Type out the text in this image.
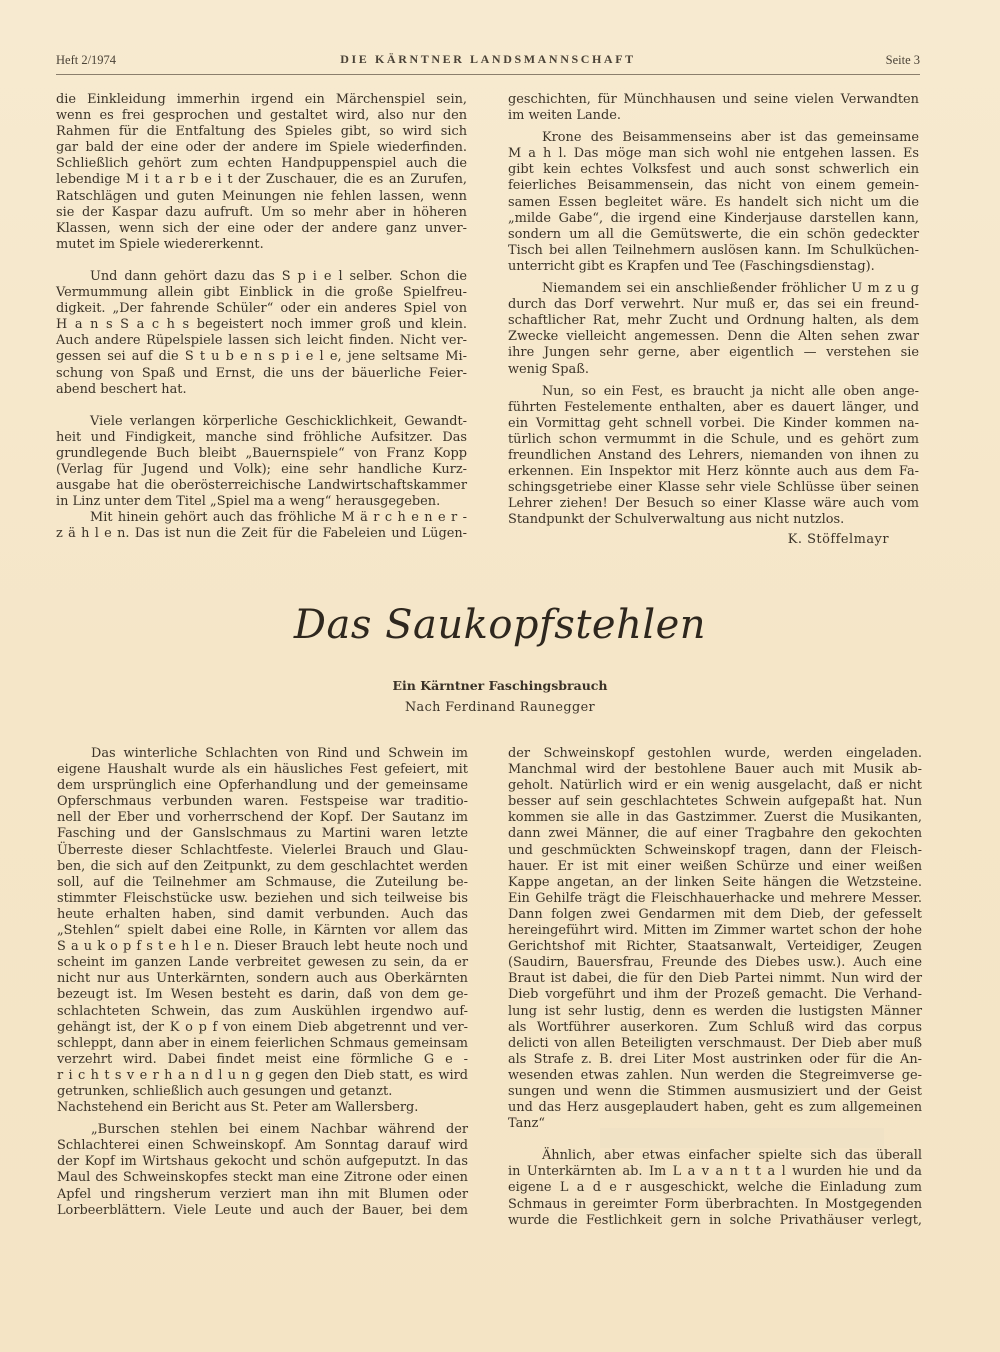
Heft 2/1974	DIE KÄRNTNER LANDSMANNSCHAFT	Seite 3
die Einkleidung immerhin irgend ein Märchenspiel sein,
wenn es frei gesprochen und gestaltet wird, also nur den
Rahmen für die Entfaltung des Spieles gibt, so wird sich
gar bald der eine oder der andere im Spiele wiederfinden.
Schließlich gehört zum echten Handpuppenspiel auch die
lebendige M i t a r b e i t der Zuschauer, die es an Zurufen,
Ratschlägen und guten Meinungen nie fehlen lassen, wenn
sie der Kaspar dazu aufruft. Um so mehr aber in höheren
Klassen, wenn sich der eine oder der andere ganz unver-
mutet im Spiele wiedererkennt.
Und dann gehört dazu das S p i e l selber. Schon die
Vermummung allein gibt Einblick in die große Spielfreu-
digkeit. „Der fahrende Schüler“ oder ein anderes Spiel von
H a n s S a c h s begeistert noch immer groß und klein.
Auch andere Rüpelspiele lassen sich leicht finden. Nicht ver-
gessen sei auf die S t u b e n s p i e l e, jene seltsame Mi-
schung von Spaß und Ernst, die uns der bäuerliche Feier-
abend beschert hat.
Viele verlangen körperliche Geschicklichkeit, Gewandt-
heit und Findigkeit, manche sind fröhliche Aufsitzer. Das
grundlegende Buch bleibt „Bauernspiele“ von Franz Kopp
(Verlag für Jugend und Volk); eine sehr handliche Kurz-
ausgabe hat die oberösterreichische Landwirtschaftskammer
in Linz unter dem Titel „Spiel ma a weng“ herausgegeben.
Mit hinein gehört auch das fröhliche M ä r c h e n e r -
z ä h l e n. Das ist nun die Zeit für die Fabeleien und Lügen-
geschichten, für Münchhausen und seine vielen Verwandten
im weiten Lande.
Krone des Beisammenseins aber ist das gemeinsame
M a h l. Das möge man sich wohl nie entgehen lassen. Es
gibt kein echtes Volksfest und auch sonst schwerlich ein
feierliches Beisammensein, das nicht von einem gemein-
samen Essen begleitet wäre. Es handelt sich nicht um die
„milde Gabe“, die irgend eine Kinderjause darstellen kann,
sondern um all die Gemütswerte, die ein schön gedeckter
Tisch bei allen Teilnehmern auslösen kann. Im Schulküchen-
unterricht gibt es Krapfen und Tee (Faschingsdienstag).
Niemandem sei ein anschließender fröhlicher U m z u g
durch das Dorf verwehrt. Nur muß er, das sei ein freund-
schaftlicher Rat, mehr Zucht und Ordnung halten, als dem
Zwecke vielleicht angemessen. Denn die Alten sehen zwar
ihre Jungen sehr gerne, aber eigentlich — verstehen sie
wenig Spaß.
Nun, so ein Fest, es braucht ja nicht alle oben ange-
führten Festelemente enthalten, aber es dauert länger, und
ein Vormittag geht schnell vorbei. Die Kinder kommen na-
türlich schon vermummt in die Schule, und es gehört zum
freundlichen Anstand des Lehrers, niemanden von ihnen zu
erkennen. Ein Inspektor mit Herz könnte auch aus dem Fa-
schingsgetriebe einer Klasse sehr viele Schlüsse über seinen
Lehrer ziehen! Der Besuch so einer Klasse wäre auch vom
Standpunkt der Schulverwaltung aus nicht nutzlos.
K. Stöffelmayr
Das Saukopfstehlen
Ein Kärntner Faschingsbrauch
Nach Ferdinand Raunegger
Das winterliche Schlachten von Rind und Schwein im
eigene Haushalt wurde als ein häusliches Fest gefeiert, mit
dem ursprünglich eine Opferhandlung und der gemeinsame
Opferschmaus verbunden waren. Festspeise war traditio-
nell der Eber und vorherrschend der Kopf. Der Sautanz im
Fasching und der Ganslschmaus zu Martini waren letzte
Überreste dieser Schlachtfeste. Vielerlei Brauch und Glau-
ben, die sich auf den Zeitpunkt, zu dem geschlachtet werden
soll, auf die Teilnehmer am Schmause, die Zuteilung be-
stimmter Fleischstücke usw. beziehen und sich teilweise bis
heute erhalten haben, sind damit verbunden. Auch das
„Stehlen“ spielt dabei eine Rolle, in Kärnten vor allem das
S a u k o p f s t e h l e n. Dieser Brauch lebt heute noch und
scheint im ganzen Lande verbreitet gewesen zu sein, da er
nicht nur aus Unterkärnten, sondern auch aus Oberkärnten
bezeugt ist. Im Wesen besteht es darin, daß von dem ge-
schlachteten Schwein, das zum Auskühlen irgendwo auf-
gehängt ist, der K o p f von einem Dieb abgetrennt und ver-
schleppt, dann aber in einem feierlichen Schmaus gemeinsam
verzehrt wird. Dabei findet meist eine förmliche G e -
r i c h t s v e r h a n d l u n g gegen den Dieb statt, es wird
getrunken, schließlich auch gesungen und getanzt.
Nachstehend ein Bericht aus St. Peter am Wallersberg.
„Burschen stehlen bei einem Nachbar während der
Schlachterei einen Schweinskopf. Am Sonntag darauf wird
der Kopf im Wirtshaus gekocht und schön aufgeputzt. In das
Maul des Schweinskopfes steckt man eine Zitrone oder einen
Apfel und ringsherum verziert man ihn mit Blumen oder
Lorbeerblättern. Viele Leute und auch der Bauer, bei dem
der Schweinskopf gestohlen wurde, werden eingeladen.
Manchmal wird der bestohlene Bauer auch mit Musik ab-
geholt. Natürlich wird er ein wenig ausgelacht, daß er nicht
besser auf sein geschlachtetes Schwein aufgepaßt hat. Nun
kommen sie alle in das Gastzimmer. Zuerst die Musikanten,
dann zwei Männer, die auf einer Tragbahre den gekochten
und geschmückten Schweinskopf tragen, dann der Fleisch-
hauer. Er ist mit einer weißen Schürze und einer weißen
Kappe angetan, an der linken Seite hängen die Wetzsteine.
Ein Gehilfe trägt die Fleischhauerhacke und mehrere Messer.
Dann folgen zwei Gendarmen mit dem Dieb, der gefesselt
hereingeführt wird. Mitten im Zimmer wartet schon der hohe
Gerichtshof mit Richter, Staatsanwalt, Verteidiger, Zeugen
(Saudirn, Bauersfrau, Freunde des Diebes usw.). Auch eine
Braut ist dabei, die für den Dieb Partei nimmt. Nun wird der
Dieb vorgeführt und ihm der Prozeß gemacht. Die Verhand-
lung ist sehr lustig, denn es werden die lustigsten Männer
als Wortführer auserkoren. Zum Schluß wird das corpus
delicti von allen Beteiligten verschmaust. Der Dieb aber muß
als Strafe z. B. drei Liter Most austrinken oder für die An-
wesenden etwas zahlen. Nun werden die Stegreimverse ge-
sungen und wenn die Stimmen ausmusiziert und der Geist
und das Herz ausgeplaudert haben, geht es zum allgemeinen
Tanz“
Ähnlich, aber etwas einfacher spielte sich das überall
in Unterkärnten ab. Im L a v a n t t a l wurden hie und da
eigene L a d e r ausgeschickt, welche die Einladung zum
Schmaus in gereimter Form überbrachten. In Mostgegenden
wurde die Festlichkeit gern in solche Privathäuser verlegt,
